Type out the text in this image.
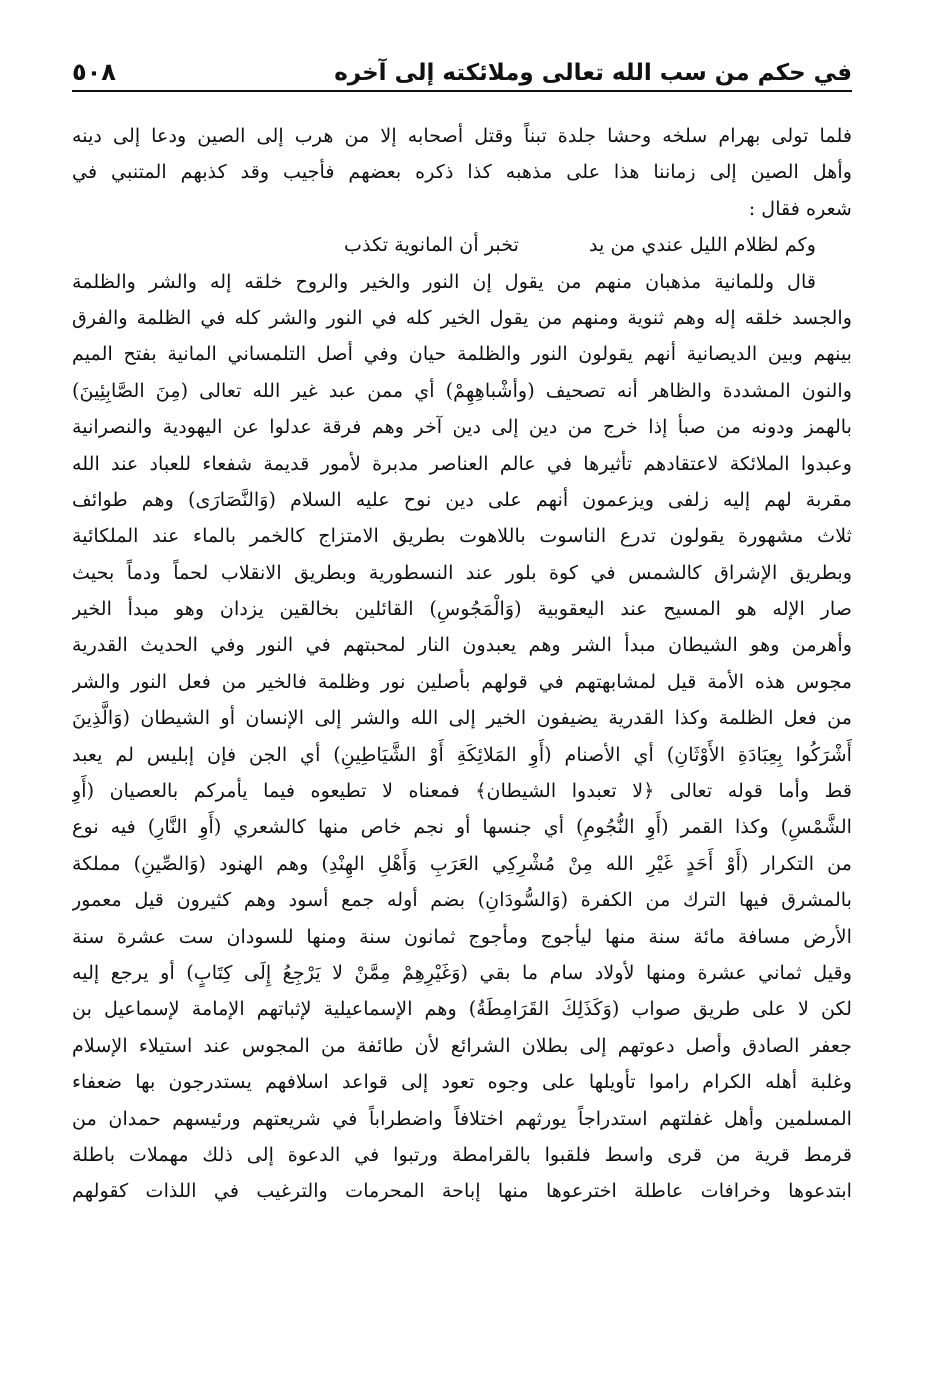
في حكم من سب الله تعالى وملائكته إلى آخره
٥٠٨
فلما تولى بهرام سلخه وحشا جلدة تبناً وقتل أصحابه إلا من هرب إلى الصين ودعا إلى دينه
وأهل الصين إلى زماننا هذا على مذهبه كذا ذكره بعضهم فأجيب وقد كذبهم المتنبي في
شعره فقال :
وكم لظلام الليل عندي من يد
تخبر أن المانوية تكذب
قال وللمانية مذهبان منهم من يقول إن النور والخير والروح خلقه إله والشر والظلمة
والجسد خلقه إله وهم ثنوية ومنهم من يقول الخير كله في النور والشر كله في الظلمة والفرق
بينهم وبين الديصانية أنهم يقولون النور والظلمة حيان وفي أصل التلمساني المانية بفتح الميم
والنون المشددة والظاهر أنه تصحيف (وأشْباهِهِمْ) أي ممن عبد غير الله تعالى (مِنَ الصَّابِئِينَ)
بالهمز ودونه من صبأ إذا خرج من دين إلى دين آخر وهم فرقة عدلوا عن اليهودية والنصرانية
وعبدوا الملائكة لاعتقادهم تأثيرها في عالم العناصر مدبرة لأمور قديمة شفعاء للعباد عند الله
مقربة لهم إليه زلفى ويزعمون أنهم على دين نوح عليه السلام (وَالنَّصَارَى) وهم طوائف
ثلاث مشهورة يقولون تدرع الناسوت باللاهوت بطريق الامتزاج كالخمر بالماء عند الملكائية
وبطريق الإشراق كالشمس في كوة بلور عند النسطورية وبطريق الانقلاب لحماً ودماً بحيث
صار الإله هو المسيح عند اليعقوبية (وَالْمَجُوسِ) القائلين بخالقين يزدان وهو مبدأ الخير
وأهرمن وهو الشيطان مبدأ الشر وهم يعبدون النار لمحبتهم في النور وفي الحديث القدرية
مجوس هذه الأمة قيل لمشابهتهم في قولهم بأصلين نور وظلمة فالخير من فعل النور والشر
من فعل الظلمة وكذا القدرية يضيفون الخير إلى الله والشر إلى الإنسان أو الشيطان (وَالَّذِينَ
أَشْرَكُوا بِعِبَادَةِ الأَوْثَانِ) أي الأصنام (أَوِ المَلائِكَةِ أَوْ الشَّيَاطِينِ) أي الجن فإن إبليس لم يعبد
قط وأما قوله تعالى ﴿لا تعبدوا الشيطان﴾ فمعناه لا تطيعوه فيما يأمركم بالعصيان (أَوِ
الشَّمْسِ) وكذا القمر (أَوِ النُّجُومِ) أي جنسها أو نجم خاص منها كالشعري (أَوِ النَّارِ) فيه نوع
من التكرار (أَوْ أَحَدٍ غَيْرِ الله مِنْ مُشْرِكِي العَرَبِ وَأَهْلِ الهِنْدِ) وهم الهنود (وَالصِّينِ) مملكة
بالمشرق فيها الترك من الكفرة (وَالسُّودَانِ) بضم أوله جمع أسود وهم كثيرون قيل معمور
الأرض مسافة مائة سنة منها ليأجوج ومأجوج ثمانون سنة ومنها للسودان ست عشرة سنة
وقيل ثماني عشرة ومنها لأولاد سام ما بقي (وَغَيْرِهِمْ مِمَّنْ لا يَرْجِعُ إِلَى كِتَابٍ) أو يرجع إليه
لكن لا على طريق صواب (وَكَذَلِكَ القَرَامِطَةُ) وهم الإسماعيلية لإثباتهم الإمامة لإسماعيل بن
جعفر الصادق وأصل دعوتهم إلى بطلان الشرائع لأن طائفة من المجوس عند استيلاء الإسلام
وغلبة أهله الكرام راموا تأويلها على وجوه تعود إلى قواعد اسلافهم يستدرجون بها ضعفاء
المسلمين وأهل غفلتهم استدراجاً يورثهم اختلافاً واضطراباً في شريعتهم ورئيسهم حمدان من
قرمط قرية من قرى واسط فلقبوا بالقرامطة ورتبوا في الدعوة إلى ذلك مهملات باطلة
ابتدعوها وخرافات عاطلة اخترعوها منها إباحة المحرمات والترغيب في اللذات كقولهم
